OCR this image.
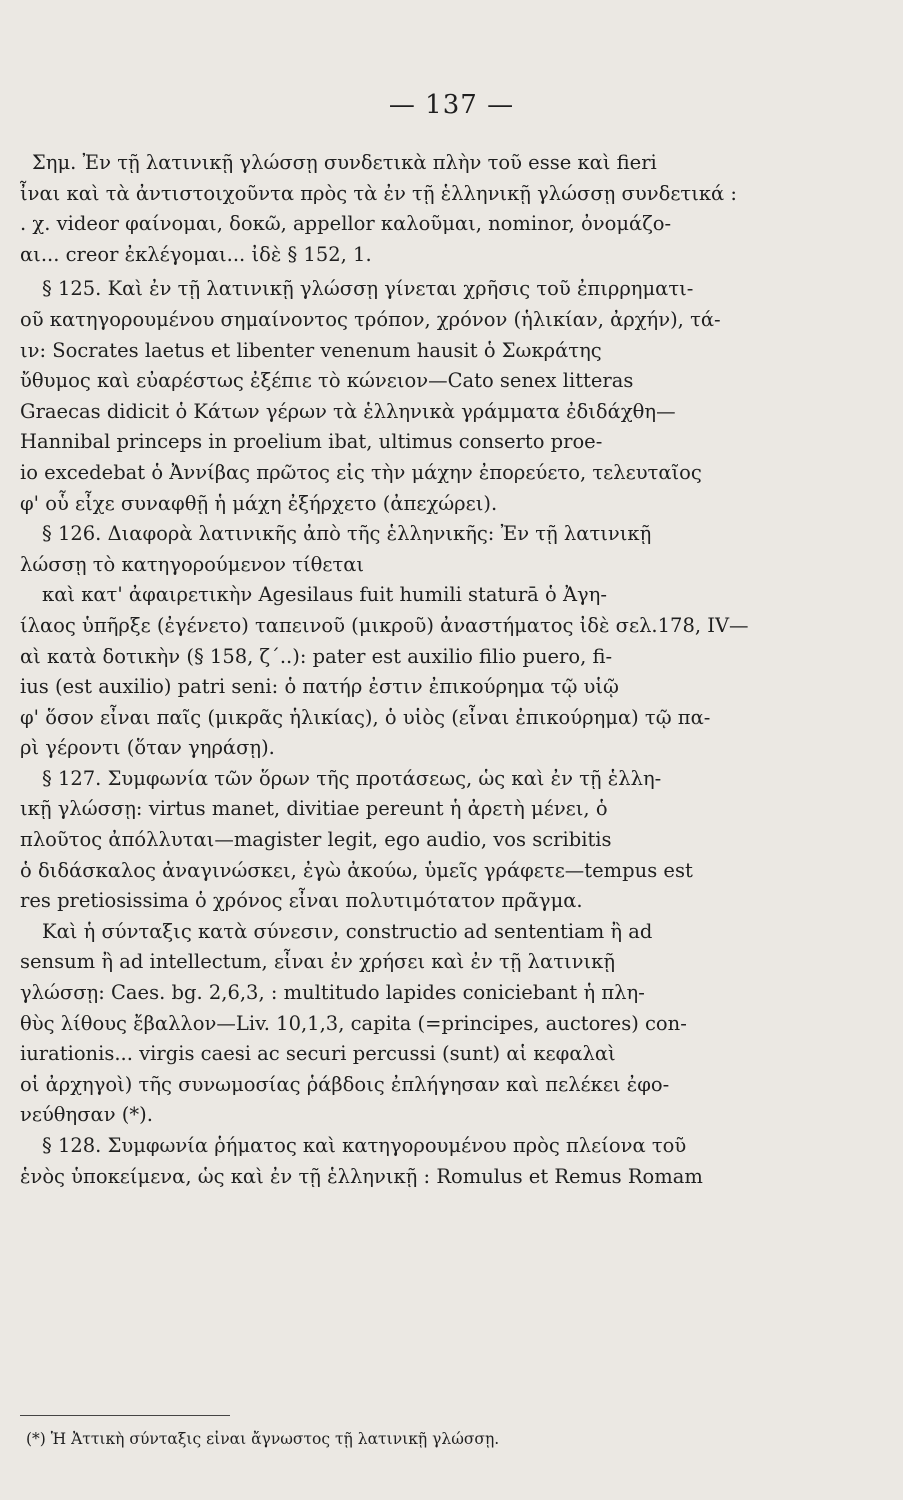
— 137 —
Σημ. Ἐν τῇ λατινικῇ γλώσσῃ συνδετικὰ πλὴν τοῦ esse καὶ fieri
ἶναι καὶ τὰ ἀντιστοιχοῦντα πρὸς τὰ ἐν τῇ ἑλληνικῇ γλώσσῃ συνδετικά :
. χ. videor φαίνομαι, δοκῶ, appellor καλοῦμαι, nominor, ὀνομάζο-
αι... creor ἐκλέγομαι... ἰδὲ § 152, 1.
§ 125. Καὶ ἐν τῇ λατινικῇ γλώσσῃ γίνεται χρῆσις τοῦ ἐπιρρηματι-
οῦ κατηγορουμένου σημαίνοντος τρόπον, χρόνον (ἡλικίαν, ἀρχήν), τά-
ιν: Socrates laetus et libenter venenum hausit ὁ Σωκράτης
ὔθυμος καὶ εὐαρέστως ἐξέπιε τὸ κώνειον—Cato senex litteras
Graecas didicit ὁ Κάτων γέρων τὰ ἑλληνικὰ γράμματα ἐδιδάχθη—
Hannibal princeps in proelium ibat, ultimus conserto proe-
io excedebat ὁ Ἀννίβας πρῶτος εἰς τὴν μάχην ἐπορεύετο, τελευταῖος
φ' οὗ εἶχε συναφθῇ ἡ μάχη ἐξήρχετο (ἀπεχώρει).
§ 126. Διαφορὰ λατινικῆς ἀπὸ τῆς ἑλληνικῆς: Ἐν τῇ λατινικῇ
λώσσῃ τὸ κατηγορούμενον τίθεται
καὶ κατ' ἀφαιρετικὴν Agesilaus fuit humili staturā ὁ Ἀγη-
ίλαος ὑπῆρξε (ἐγένετο) ταπεινοῦ (μικροῦ) ἀναστήματος ἰδὲ σελ.178, IV—
αὶ κατὰ δοτικὴν (§ 158, ζ΄..): pater est auxilio filio puero, fi-
ius (est auxilio) patri seni: ὁ πατήρ ἐστιν ἐπικούρημα τῷ υἱῷ
φ' ὅσον εἶναι παῖς (μικρᾶς ἡλικίας), ὁ υἱὸς (εἶναι ἐπικούρημα) τῷ πα-
ρὶ γέροντι (ὅταν γηράσῃ).
§ 127. Συμφωνία τῶν ὅρων τῆς προτάσεως, ὡς καὶ ἐν τῇ ἑλλη-
ικῇ γλώσσῃ: virtus manet, divitiae pereunt ἡ ἀρετὴ μένει, ὁ
πλοῦτος ἀπόλλυται—magister legit, ego audio, vos scribitis
ὁ διδάσκαλος ἀναγινώσκει, ἐγὼ ἀκούω, ὑμεῖς γράφετε—tempus est
res pretiosissima ὁ χρόνος εἶναι πολυτιμότατον πρᾶγμα.
Καὶ ἡ σύνταξις κατὰ σύνεσιν, constructio ad sententiam ἢ ad
sensum ἢ ad intellectum, εἶναι ἐν χρήσει καὶ ἐν τῇ λατινικῇ
γλώσσῃ: Caes. bg. 2,6,3, : multitudo lapides coniciebant ἡ πλη-
θὺς λίθους ἔβαλλον—Liv. 10,1,3, capita (=principes, auctores) con-
iurationis... virgis caesi ac securi percussi (sunt) αἱ κεφαλαὶ
οἱ ἀρχηγοὶ) τῆς συνωμοσίας ῥάβδοις ἐπλήγησαν καὶ πελέκει ἐφο-
νεύθησαν (*).
§ 128. Συμφωνία ῥήματος καὶ κατηγορουμένου πρὸς πλείονα τοῦ
ἑνὸς ὑποκείμενα, ὡς καὶ ἐν τῇ ἑλληνικῇ : Romulus et Remus Romam
(*) Ἡ Ἀττικὴ σύνταξις εἶναι ἄγνωστος τῇ λατινικῇ γλώσσῃ.
